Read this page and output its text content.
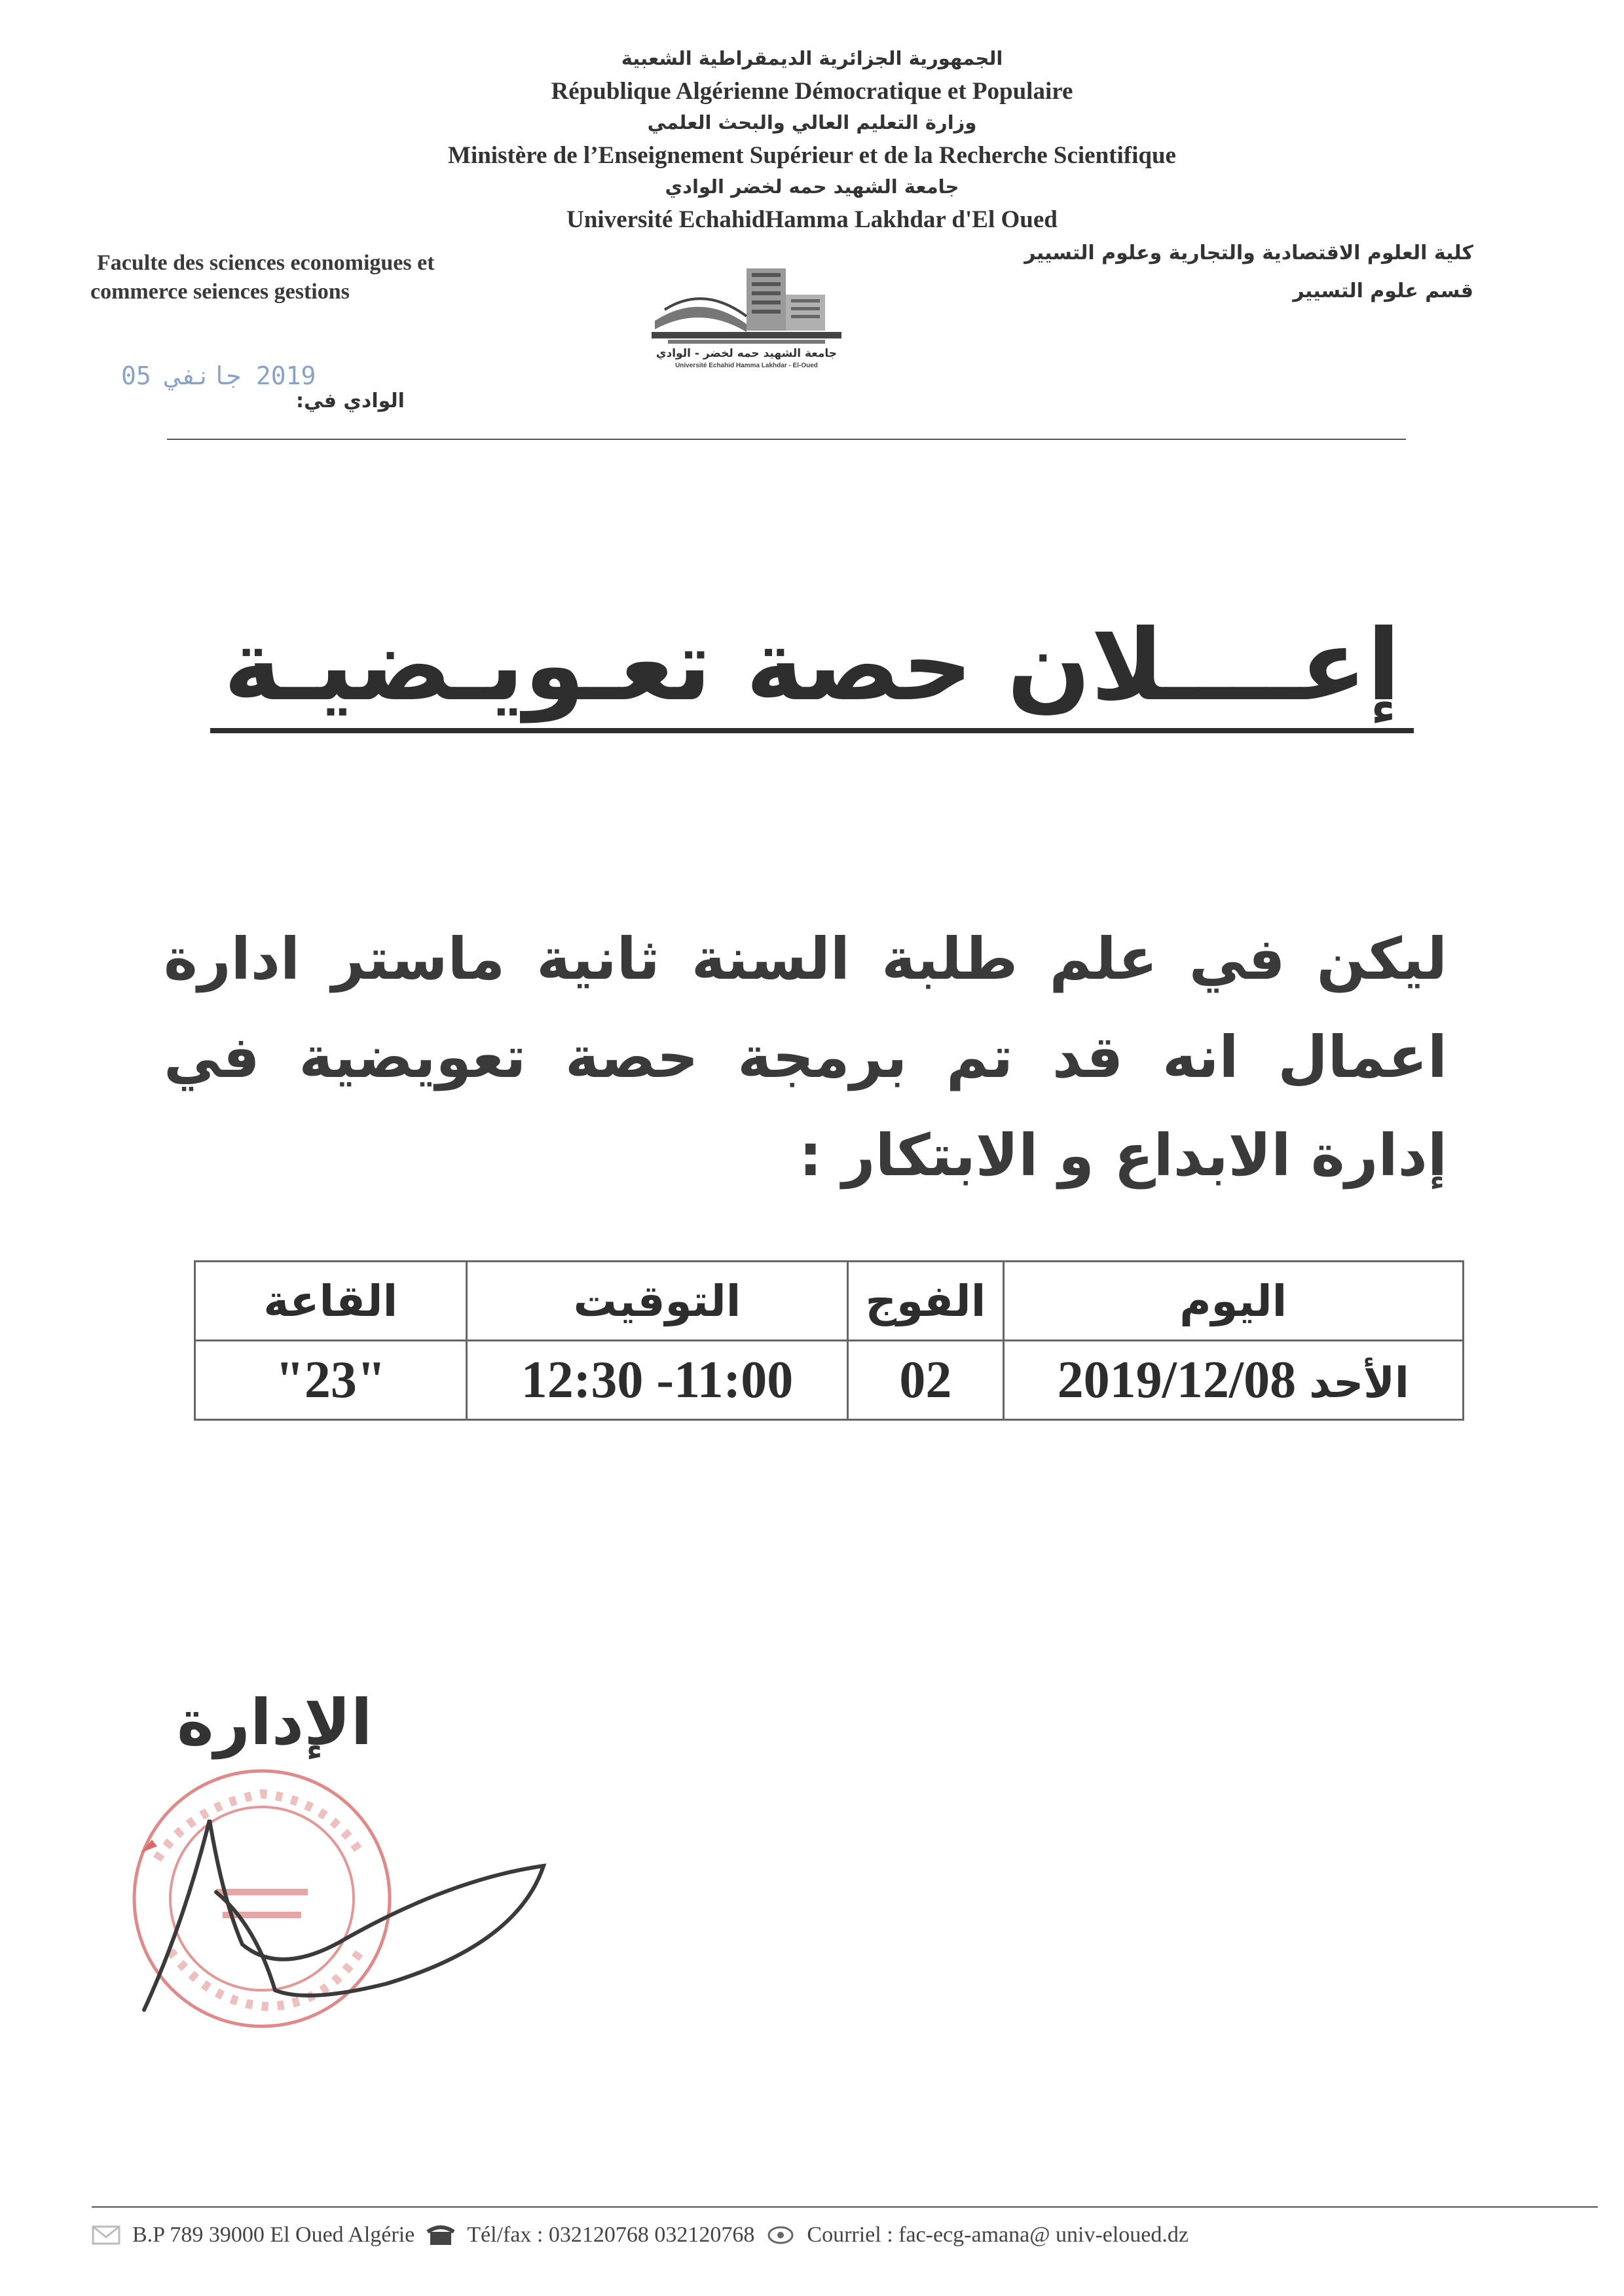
الجمهورية الجزائرية الديمقراطية الشعبية
République Algérienne Démocratique et Populaire
وزارة التعليم العالي والبحث العلمي
Ministère de l’Enseignement Supérieur et de la Recherche Scientifique
جامعة الشهيد حمه لخضر الوادي
Université EchahidHamma Lakhdar d'El Oued
Faculte des sciences economigues et
commerce seiences gestions
كلية العلوم الاقتصادية والتجارية وعلوم التسيير
قسم علوم التسيير
جامعة الشهيد حمه لخضر - الوادي
Université Echahid Hamma Lakhdar - El-Oued
2019 جانفي 05
الوادي في:
إعــــلان حصة تعـويـضيـة
ليكن في علم طلبة السنة ثانية ماستر ادارة اعمال انه قد تم برمجة حصة تعويضية في إدارة الابداع و الابتكار :
اليوم	الفوج	التوقيت	القاعة
الأحد 2019/12/08	02	12:30 -11:00	"23"
الإدارة
B.P 789 39000 El Oued Algérie Tél/fax : 032120768 032120768 Courriel : fac-ecg-amana@ univ-eloued.dz
